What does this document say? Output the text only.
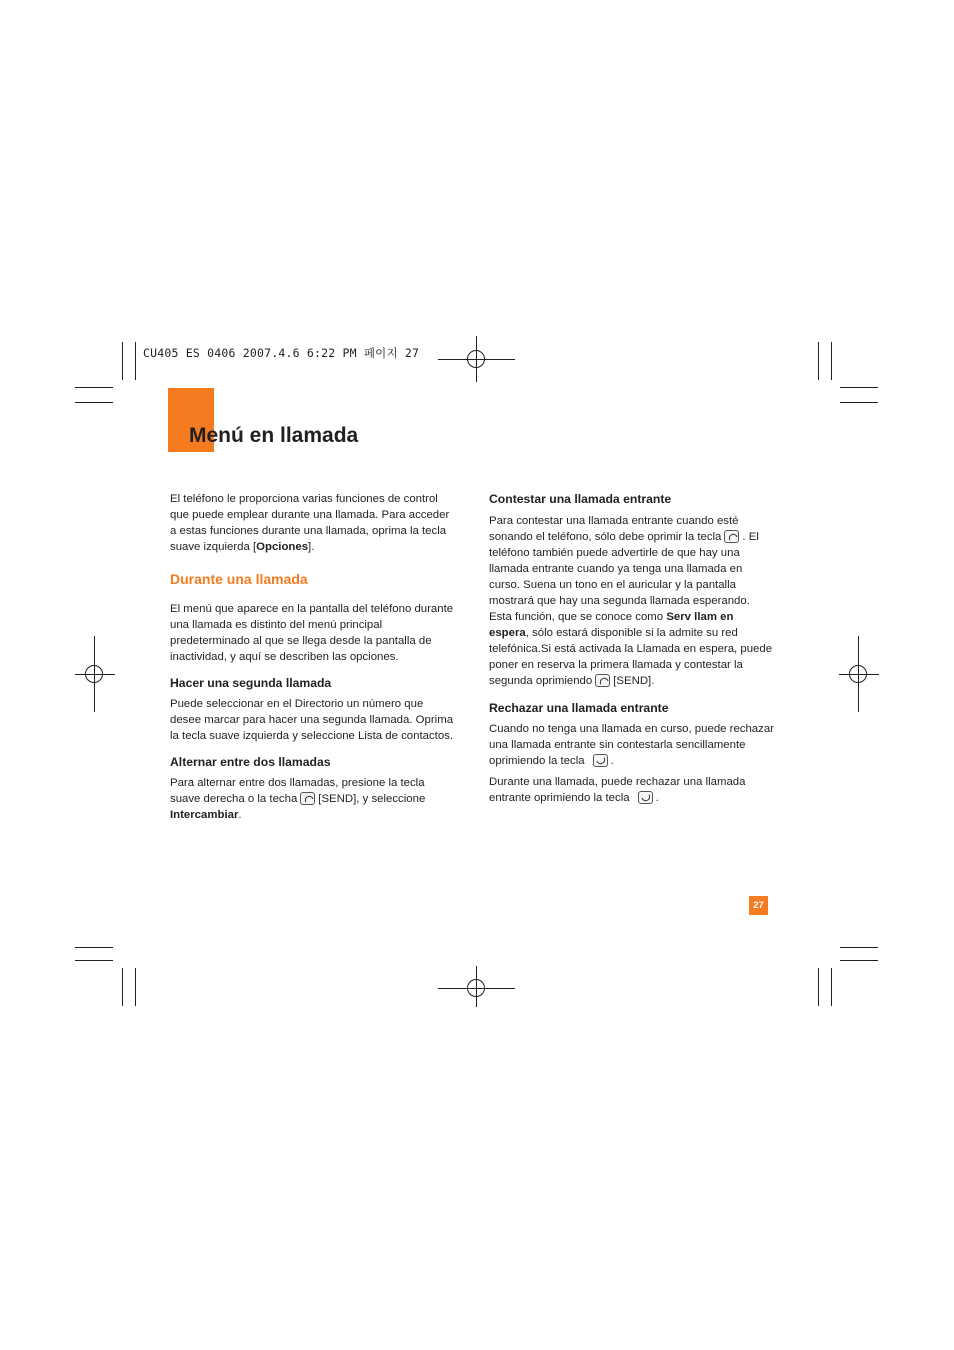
CU405 ES 0406 2007.4.6 6:22 PM 페이지 27
Menú en llamada

El teléfono le proporciona varias funciones de control que puede emplear durante una llamada. Para acceder a estas funciones durante una llamada, oprima la tecla suave izquierda [Opciones].

Durante una llamada

El menú que aparece en la pantalla del teléfono durante una llamada es distinto del menú principal predeterminado al que se llega desde la pantalla de inactividad, y aquí se describen las opciones.

Hacer una segunda llamada

Puede seleccionar en el Directorio un número que desee marcar para hacer una segunda llamada. Oprima la tecla suave izquierda y seleccione Lista de contactos.

Alternar entre dos llamadas

Para alternar entre dos llamadas, presione la tecla suave derecha o la techa [SEND], y seleccione Intercambiar.

Contestar una llamada entrante

Para contestar una llamada entrante cuando esté sonando el teléfono, sólo debe oprimir la tecla . El teléfono también puede advertirle de que hay una llamada entrante cuando ya tenga una llamada en curso. Suena un tono en el auricular y la pantalla mostrará que hay una segunda llamada esperando. Esta función, que se conoce como Serv llam en espera, sólo estará disponible si la admite su red telefónica.Si está activada la Llamada en espera, puede poner en reserva la primera llamada y contestar la segunda oprimiendo [SEND].

Rechazar una llamada entrante

Cuando no tenga una llamada en curso, puede rechazar una llamada entrante sin contestarla sencillamente oprimiendo la tecla .

Durante una llamada, puede rechazar una llamada entrante oprimiendo la tecla .

27
